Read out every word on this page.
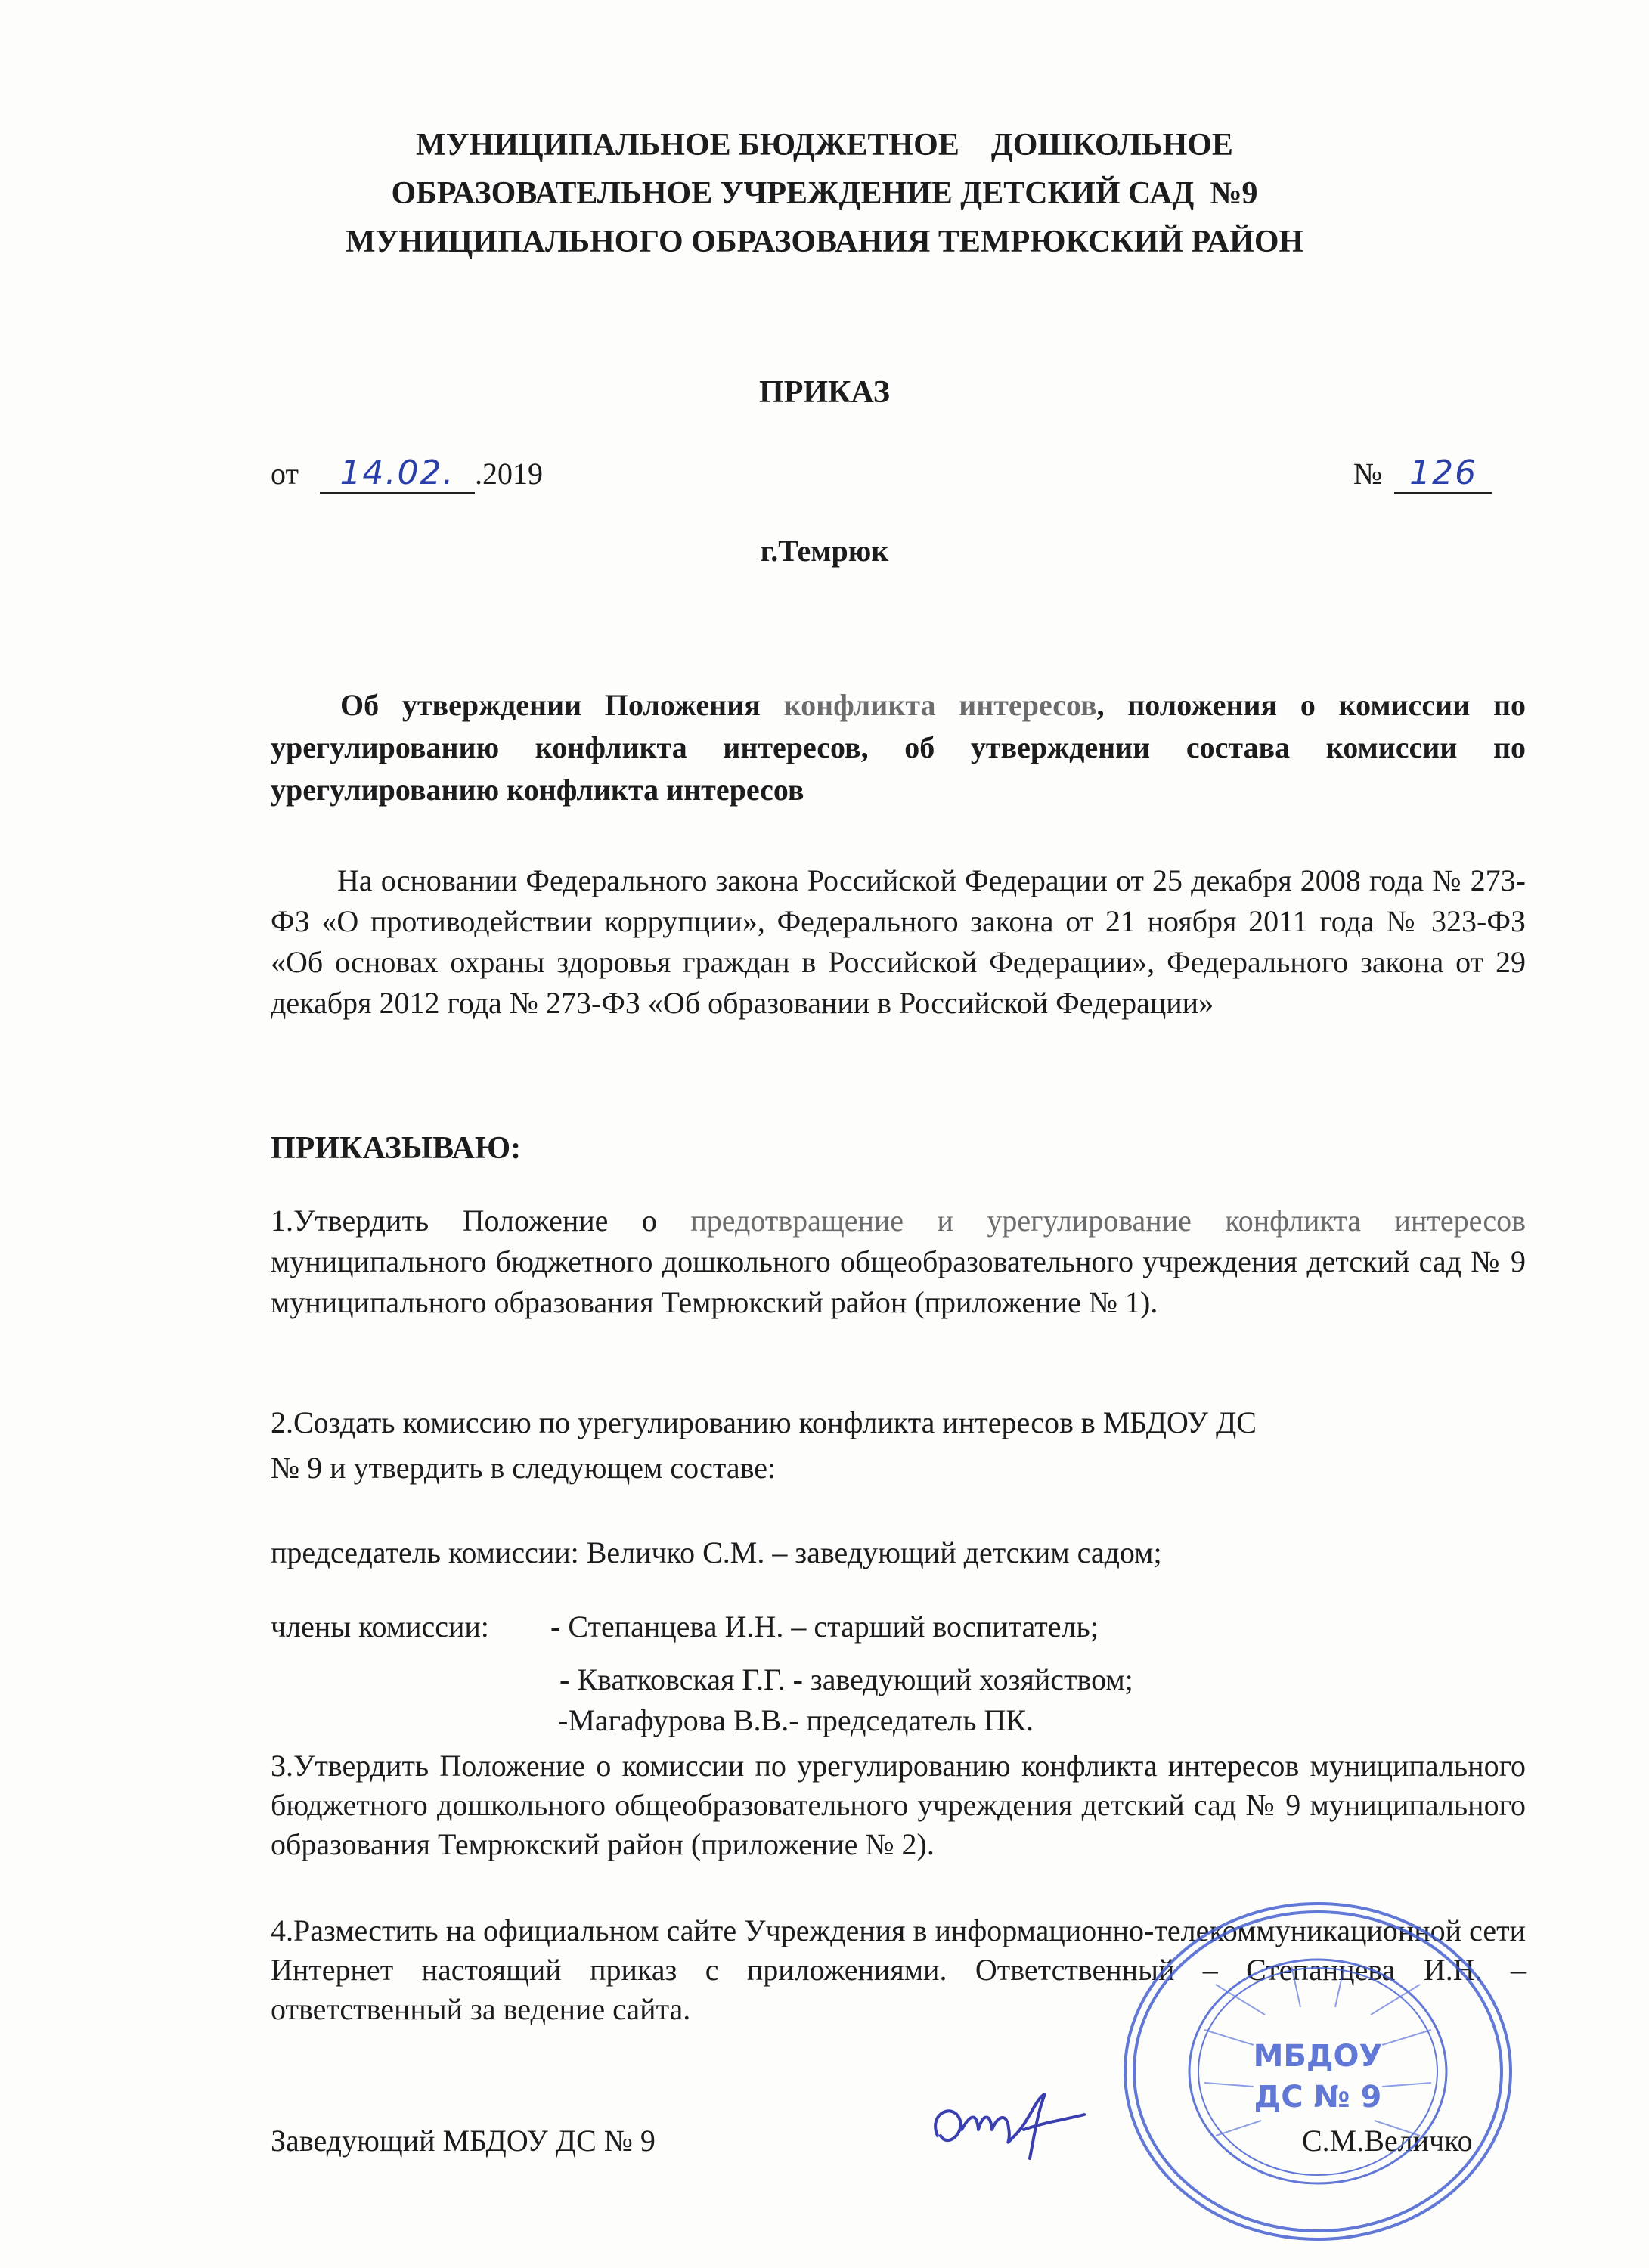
МУНИЦИПАЛЬНОЕ БЮДЖЕТНОЕ    ДОШКОЛЬНОЕ
ОБРАЗОВАТЕЛЬНОЕ УЧРЕЖДЕНИЕ ДЕТСКИЙ САД  №9
МУНИЦИПАЛЬНОГО ОБРАЗОВАНИЯ ТЕМРЮКСКИЙ РАЙОН
ПРИКАЗ
от 14.02. .2019	№ 126
г.Темрюк
Об утверждении Положения конфликта интересов, положения о комиссии по урегулированию конфликта интересов, об утверждении состава комиссии по урегулированию конфликта интересов
На основании Федерального закона Российской Федерации от 25 декабря 2008 года № 273-ФЗ «О противодействии коррупции», Федерального закона от 21 ноября 2011 года № 323-ФЗ «Об основах охраны здоровья граждан в Российской Федерации», Федерального закона от 29 декабря 2012 года № 273-ФЗ «Об образовании в Российской Федерации»
ПРИКАЗЫВАЮ:
1.Утвердить Положение о предотвращение и урегулирование конфликта интересов муниципального бюджетного дошкольного общеобразовательного учреждения детский сад № 9 муниципального образования Темрюкский район (приложение № 1).
2.Создать комиссию по урегулированию конфликта интересов в МБДОУ ДС
№ 9 и утвердить в следующем составе:
председатель комиссии: Величко С.М. – заведующий детским садом;
члены комиссии: - Степанцева И.Н. – старший воспитатель;
- Кватковская Г.Г. - заведующий хозяйством;
-Магафурова В.В.- председатель ПК.
3.Утвердить Положение о комиссии по урегулированию конфликта интересов муниципального бюджетного дошкольного общеобразовательного учреждения детский сад № 9 муниципального образования Темрюкский район (приложение № 2).
4.Разместить на официальном сайте Учреждения в информационно-телекоммуникационной сети Интернет настоящий приказ с приложениями. Ответственный – Степанцева И.Н. – ответственный за ведение сайта.
Заведующий МБДОУ ДС № 9	С.М.Величко
МБДОУ
ДС № 9
